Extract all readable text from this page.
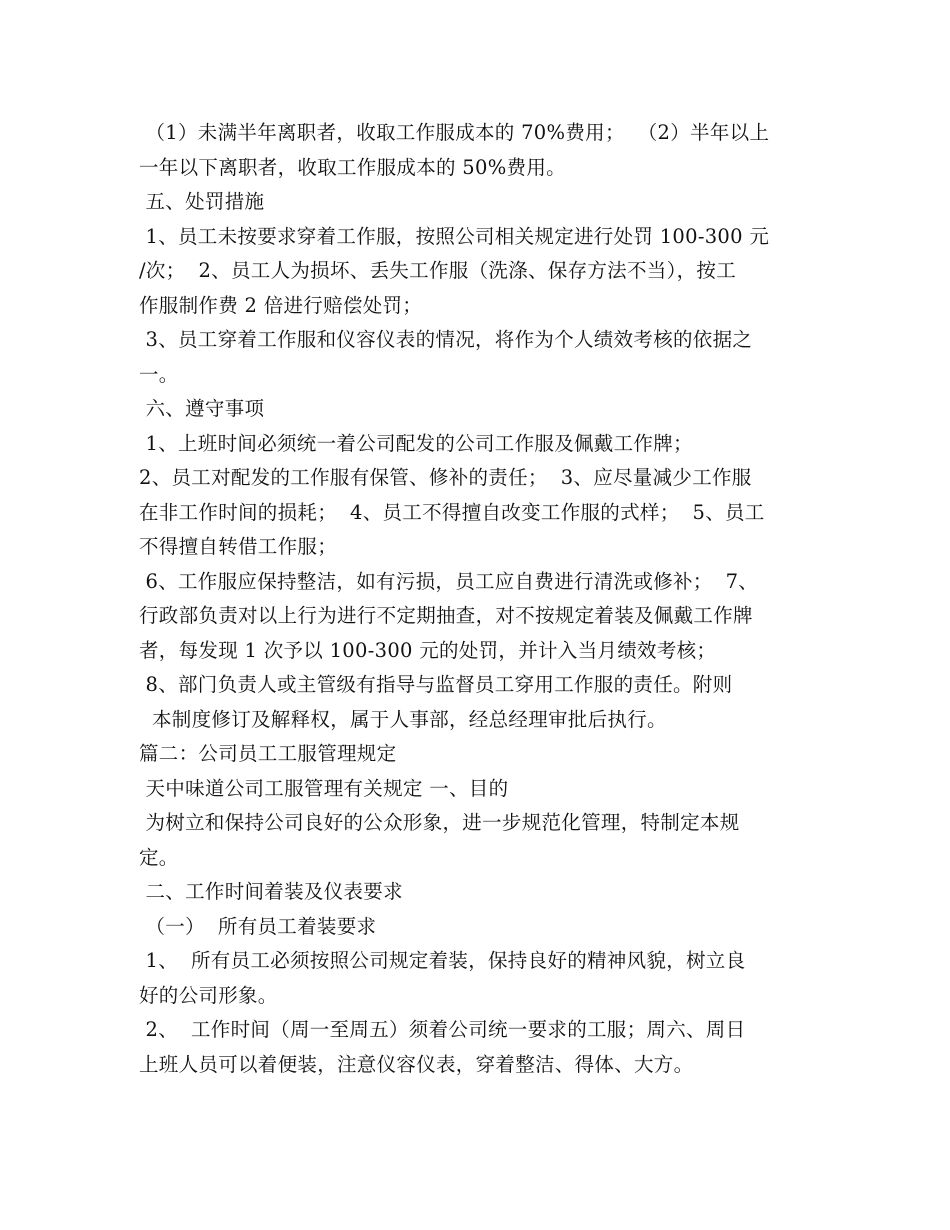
（1）未满半年离职者，收取工作服成本的 70%费用；  （2）半年以上
一年以下离职者，收取工作服成本的 50%费用。
五、处罚措施
1、员工未按要求穿着工作服，按照公司相关规定进行处罚 100-300 元
/次；  2、员工人为损坏、丢失工作服（洗涤、保存方法不当），按工
作服制作费 2 倍进行赔偿处罚；
3、员工穿着工作服和仪容仪表的情况，将作为个人绩效考核的依据之
一。
六、遵守事项
1、上班时间必须统一着公司配发的公司工作服及佩戴工作牌；
2、员工对配发的工作服有保管、修补的责任；  3、应尽量减少工作服
在非工作时间的损耗；  4、员工不得擅自改变工作服的式样；  5、员工
不得擅自转借工作服；
6、工作服应保持整洁，如有污损，员工应自费进行清洗或修补；  7、
行政部负责对以上行为进行不定期抽查，对不按规定着装及佩戴工作牌
者，每发现 1 次予以 100-300 元的处罚，并计入当月绩效考核；
8、部门负责人或主管级有指导与监督员工穿用工作服的责任。附则
本制度修订及解释权，属于人事部，经总经理审批后执行。
篇二：公司员工工服管理规定
天中味道公司工服管理有关规定 一、目的
为树立和保持公司良好的公众形象，进一步规范化管理，特制定本规
定。
二、工作时间着装及仪表要求
（一）  所有员工着装要求
1、  所有员工必须按照公司规定着装，保持良好的精神风貌，树立良
好的公司形象。
2、  工作时间（周一至周五）须着公司统一要求的工服；周六、周日
上班人员可以着便装，注意仪容仪表，穿着整洁、得体、大方。
